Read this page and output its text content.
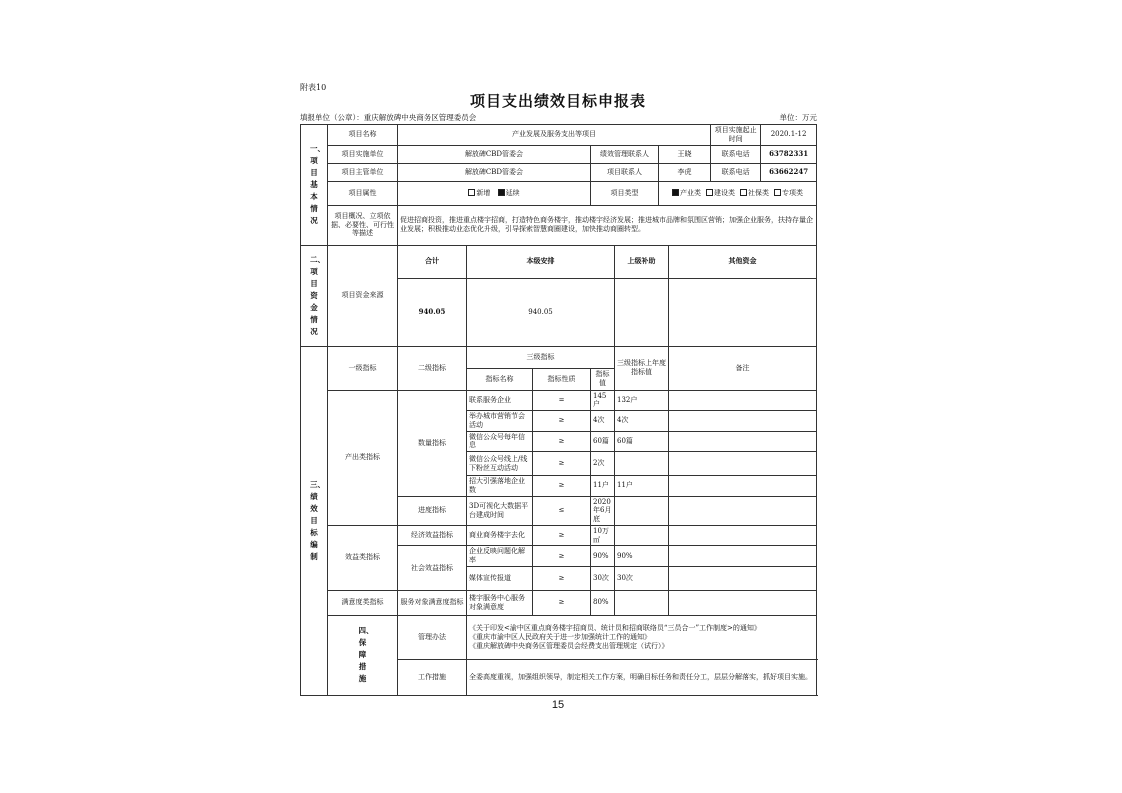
附表10
项目支出绩效目标申报表
填报单位（公章）：重庆解放碑中央商务区管理委员会	单位：万元
一、项目基本情况	项目名称	产业发展及服务支出等项目							项目实施起止时间	2020.1-12
	项目实施单位	解放碑CBD管委会			绩效管理联系人		王晓		联系电话	63782331
	项目主管单位	解放碑CBD管委会			项目联系人		李虎		联系电话	63662247
	项目属性	新增 延续			项目类型		产业类 建设类 社保类 专项类			
	项目概况、立项依据、必要性、可行性等描述	促进招商投资，推进重点楼宇招商，打造特色商务楼宇，推动楼宇经济发展；推进城市品牌和氛围区营销；加强企业服务，扶持存量企业发展；积极推动业态优化升级，引导探索智慧商圈建设，加快推动商圈转型。								

二、项目资金情况	项目资金来源	合计	本级安排			上级补助		其他资金		
		940.05	940.05							

三、绩效目标编制	一级指标	二级指标	三级指标			三级指标上年度指标值		备注		
			指标名称	指标性质	指标值					
	产出类指标	数量指标	联系服务企业	=	145户	132户				
			举办城市营销节会活动	≥	4次	4次				
			微信公众号每年信息	≥	60篇	60篇				
			微信公众号线上/线下粉丝互动活动	≥	2次					
			招大引强落地企业数	≥	11户	11户				
		进度指标	3D可视化大数据平台建成时间	≤	2020年6月底					
	效益类指标	经济效益指标	商业商务楼宇去化	≥	10万㎡					
		社会效益指标	企业反映问题化解率	≥	90%	90%				
			媒体宣传报道	≥	30次	30次				
	满意度类指标	服务对象满意度指标	楼宇服务中心服务对象满意度	≥	80%					

	四、保障措施	管理办法	《关于印发<渝中区重点商务楼宇招商员、统计员和招商联络员“三员合一”工作制度>的通知》
《重庆市渝中区人民政府关于进一步加强统计工作的通知》
《重庆解放碑中央商务区管理委员会经费支出管理规定（试行）》							

		工作措施	全委高度重视，加强组织领导，制定相关工作方案，明确目标任务和责任分工，层层分解落实，抓好项目实施。							
15
